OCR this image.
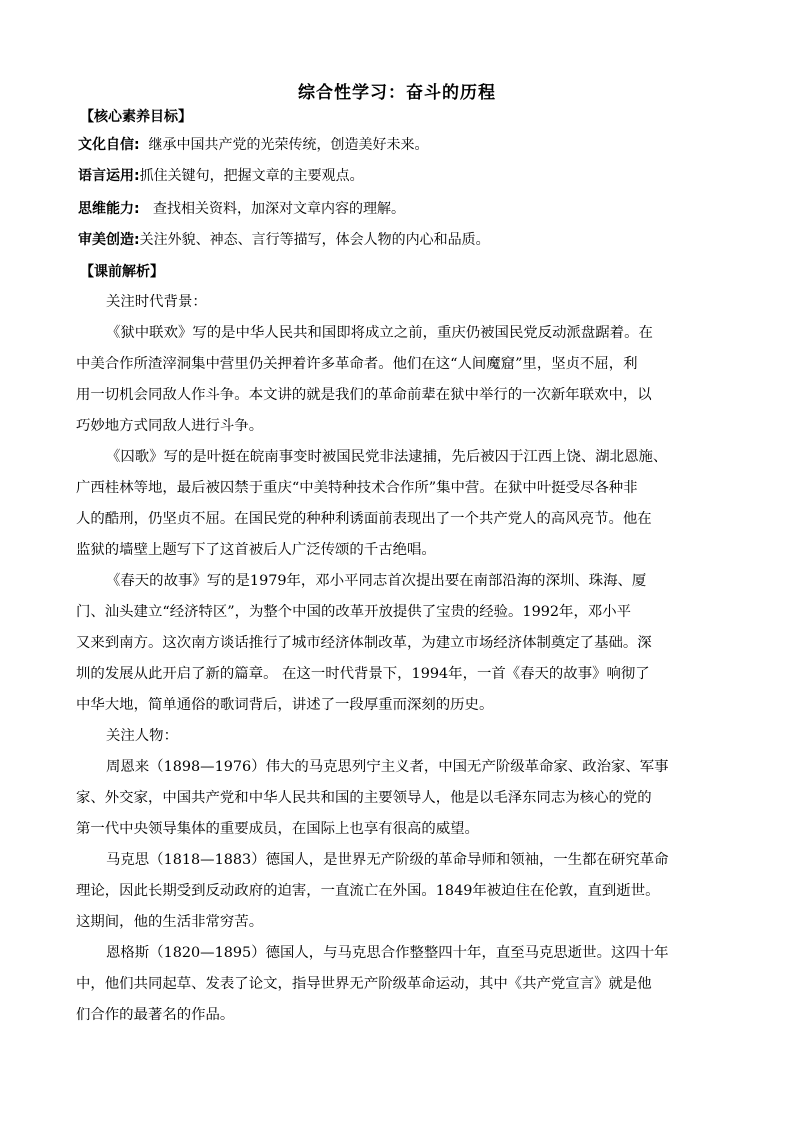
综合性学习：奋斗的历程
【核心素养目标】
文化自信: 继承中国共产党的光荣传统，创造美好未来。
语言运用:抓住关键句，把握文章的主要观点。
思维能力: 查找相关资料，加深对文章内容的理解。
审美创造:关注外貌、神态、言行等描写，体会人物的内心和品质。
【课前解析】
关注时代背景：
《狱中联欢》写的是中华人民共和国即将成立之前，重庆仍被国民党反动派盘踞着。在
中美合作所渣滓洞集中营里仍关押着许多革命者。他们在这“人间魔窟”里，坚贞不屈，利
用一切机会同敌人作斗争。本文讲的就是我们的革命前辈在狱中举行的一次新年联欢中，以
巧妙地方式同敌人进行斗争。
《囚歌》写的是叶挺在皖南事变时被国民党非法逮捕，先后被囚于江西上饶、湖北恩施、
广西桂林等地，最后被囚禁于重庆“中美特种技术合作所”集中营。在狱中叶挺受尽各种非
人的酷刑，仍坚贞不屈。在国民党的种种利诱面前表现出了一个共产党人的高风亮节。他在
监狱的墙壁上题写下了这首被后人广泛传颂的千古绝唱。
《春天的故事》写的是1979年，邓小平同志首次提出要在南部沿海的深圳、珠海、厦
门、汕头建立“经济特区”，为整个中国的改革开放提供了宝贵的经验。1992年，邓小平
又来到南方。这次南方谈话推行了城市经济体制改革，为建立市场经济体制奠定了基础。深
圳的发展从此开启了新的篇章。 在这一时代背景下，1994年，一首《春天的故事》响彻了
中华大地，简单通俗的歌词背后，讲述了一段厚重而深刻的历史。
关注人物：
周恩来（1898—1976）伟大的马克思列宁主义者，中国无产阶级革命家、政治家、军事
家、外交家，中国共产党和中华人民共和国的主要领导人，他是以毛泽东同志为核心的党的
第一代中央领导集体的重要成员，在国际上也享有很高的威望。
马克思（1818—1883）德国人，是世界无产阶级的革命导师和领袖，一生都在研究革命
理论，因此长期受到反动政府的迫害，一直流亡在外国。1849年被迫住在伦敦，直到逝世。
这期间，他的生活非常穷苦。
恩格斯（1820—1895）德国人，与马克思合作整整四十年，直至马克思逝世。这四十年
中，他们共同起草、发表了论文，指导世界无产阶级革命运动，其中《共产党宣言》就是他
们合作的最著名的作品。
